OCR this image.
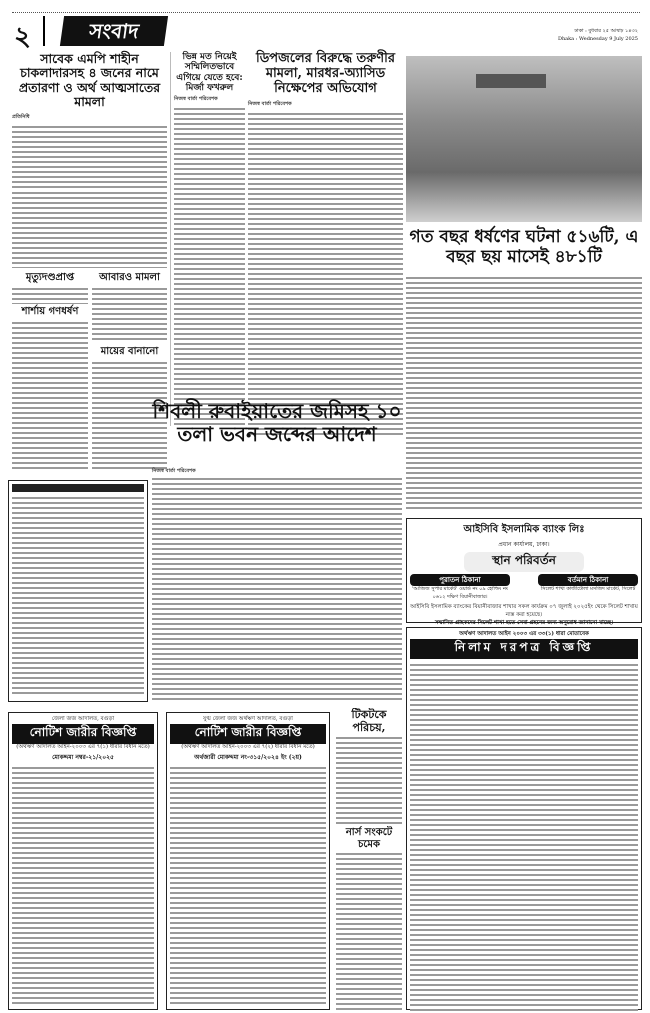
২	সংবাদ	ঢাকা : বুধবার ২৫ আষাঢ় ১৪৩২
Dhaka : Wednesday 9 July 2025
সাবেক এমপি শাহীন চাকলাদারসহ ৪ জনের নামে প্রতারণা ও অর্থ আত্মসাতের মামলা
প্রতিনিধি
ভিন্ন মত নিয়েই সম্মিলিতভাবে এগিয়ে যেতে হবে: মির্জা ফখরুল
নিজস্ব বার্তা পরিবেশক
ডিপজলের বিরুদ্ধে তরুণীর মামলা, মারধর-অ্যাসিড নিক্ষেপের অভিযোগ
নিজস্ব বার্তা পরিবেশক
গত বছর ধর্ষণের ঘটনা ৫১৬টি, এ বছর ছয় মাসেই ৪৮১টি
মৃত্যুদণ্ডপ্রাপ্ত
শার্শায় গণধর্ষণ
আবারও মামলা
মায়ের বানানো
শিবলী রুবাইয়াতের জমিসহ ১০ তলা ভবন জব্দের আদেশ
নিজস্ব বার্তা পরিবেশক
আইসিবি ইসলামিক ব্যাংক লিঃ
প্রধান কার্যালয়, ঢাকা।
স্থান পরিবর্তন
পুরাতন ঠিকানা
'আজিজ সুপার মার্কেট' ওয়ার্ড নং ০৯ হোল্ডিং নং ০৬১২ দক্ষিণ বিয়ানীবাজার।
বর্তমান ঠিকানা
সিলেট শাখা কাজীটোলা মসজিদ মার্কেট, সিলেট
আইসিবি ইসলামিক ব্যাংকের বিয়ানীবাজার শাখার সকল কার্যক্রম ০৭ জুলাই ২০২৫ইং থেকে সিলেট শাখায় ন্যস্ত করা হয়েছে।
সম্মানিত গ্রাহকদের সিলেট শাখা হতে সেবা গ্রহনের জন্য অনুরোধ জানানো যাচ্ছে।
অর্থঋণ আদালত আইন ২০০৩ এর ৩৩(১) ধারা মোতাবেক
নিলাম দরপত্র বিজ্ঞপ্তি
জেলা জজ আদালত, বগুড়া
নোটিশ জারীর বিজ্ঞপ্তি
(অর্থঋণ আদালত আইন-২০০৩ এর ৭(১) ধারার বিধান মতে)
মোকদ্দমা নম্বর-২১/২০২৫
যুগ্ম জেলা জজ অর্থঋণ আদালত, বগুড়া
নোটিশ জারীর বিজ্ঞপ্তি
(অর্থঋণ আদালত আইন-২০০৩ এর ৭(২) ধারার বিধান মতে)
অর্থজারী মোকদ্দমা নং-৩১৫/২০২৪ ইং (২য়)
টিকটকে পরিচয়,
নার্স সংকটে চমেক
